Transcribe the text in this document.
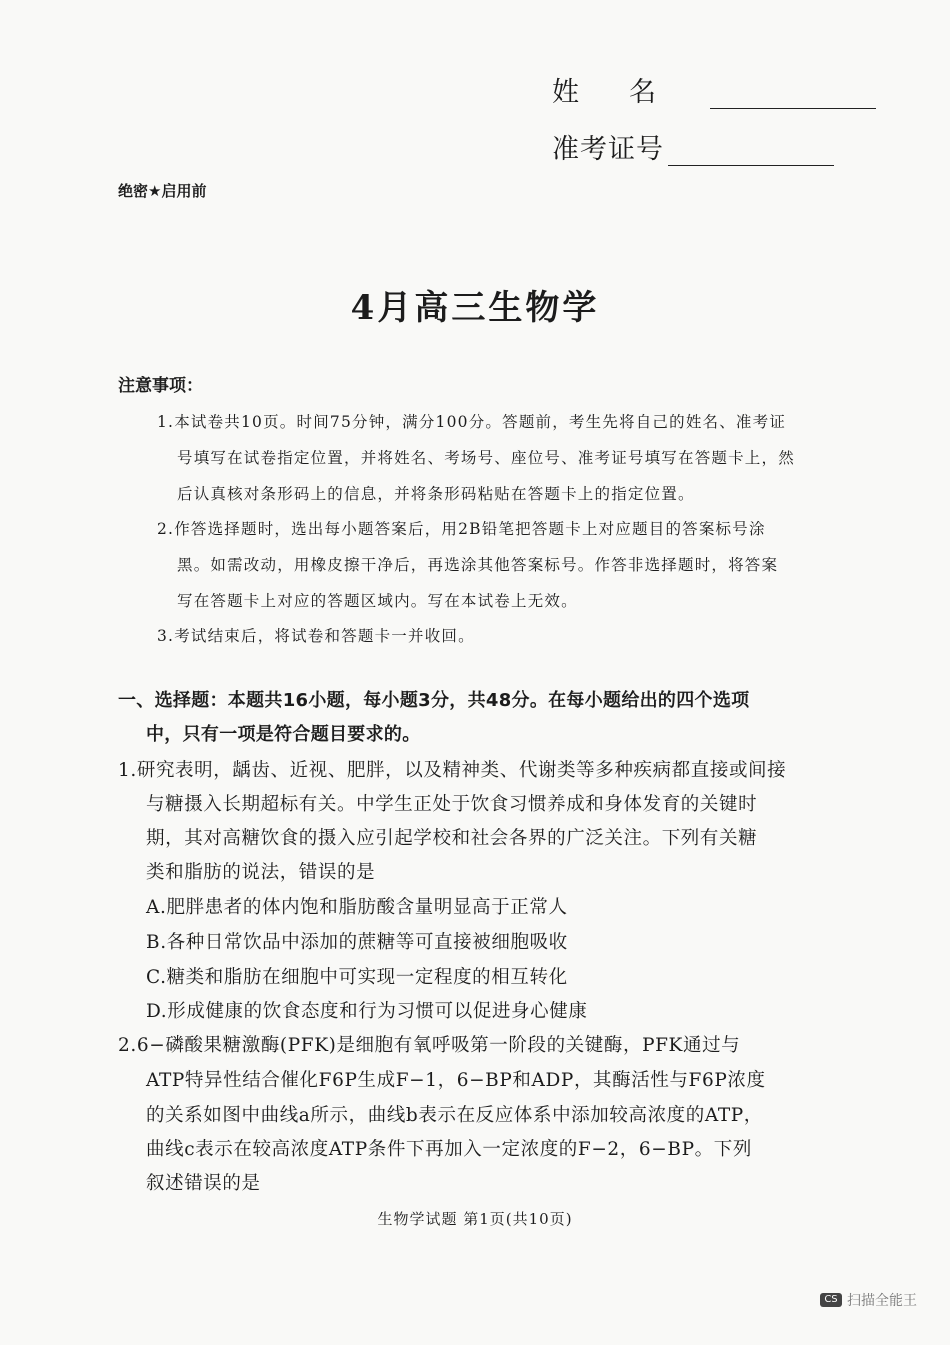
姓名
准考证号
绝密★启用前
4月高三生物学
注意事项：
1.本试卷共10页。时间75分钟，满分100分。答题前，考生先将自己的姓名、准考证
号填写在试卷指定位置，并将姓名、考场号、座位号、准考证号填写在答题卡上，然
后认真核对条形码上的信息，并将条形码粘贴在答题卡上的指定位置。
2.作答选择题时，选出每小题答案后，用2B铅笔把答题卡上对应题目的答案标号涂
黑。如需改动，用橡皮擦干净后，再选涂其他答案标号。作答非选择题时，将答案
写在答题卡上对应的答题区域内。写在本试卷上无效。
3.考试结束后，将试卷和答题卡一并收回。
一、选择题：本题共16小题，每小题3分，共48分。在每小题给出的四个选项
中，只有一项是符合题目要求的。
1.研究表明，龋齿、近视、肥胖，以及精神类、代谢类等多种疾病都直接或间接
与糖摄入长期超标有关。中学生正处于饮食习惯养成和身体发育的关键时
期，其对高糖饮食的摄入应引起学校和社会各界的广泛关注。下列有关糖
类和脂肪的说法，错误的是
A.肥胖患者的体内饱和脂肪酸含量明显高于正常人
B.各种日常饮品中添加的蔗糖等可直接被细胞吸收
C.糖类和脂肪在细胞中可实现一定程度的相互转化
D.形成健康的饮食态度和行为习惯可以促进身心健康
2.6−磷酸果糖激酶(PFK)是细胞有氧呼吸第一阶段的关键酶，PFK通过与
ATP特异性结合催化F6P生成F−1，6−BP和ADP，其酶活性与F6P浓度
的关系如图中曲线a所示，曲线b表示在反应体系中添加较高浓度的ATP，
曲线c表示在较高浓度ATP条件下再加入一定浓度的F−2，6−BP。下列
叙述错误的是
生物学试题 第1页(共10页)
CS 扫描全能王
